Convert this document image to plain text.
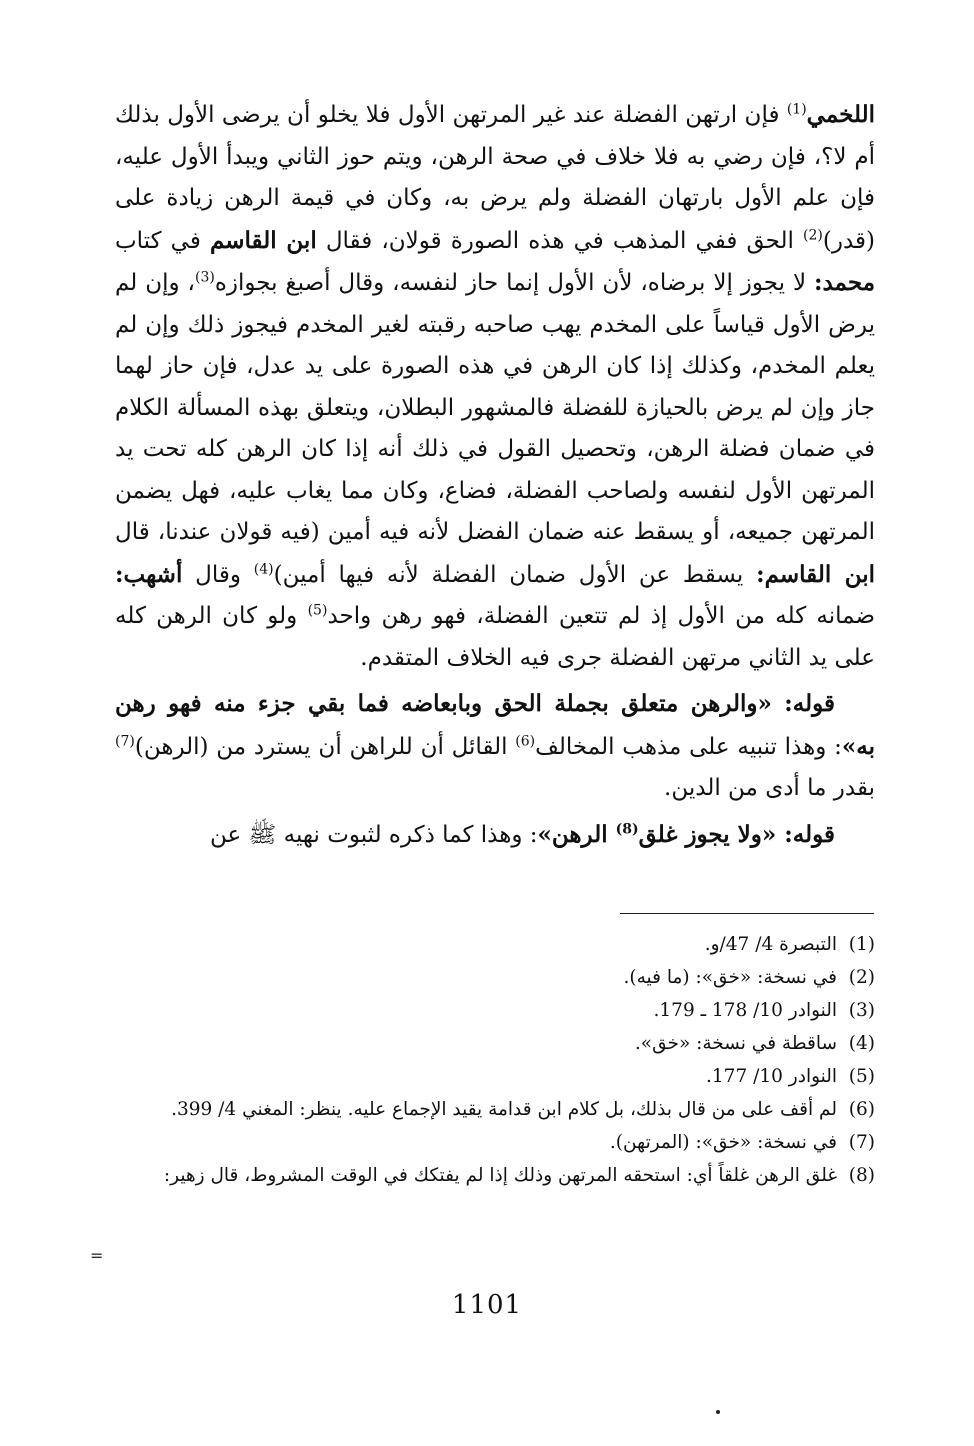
اللخمي$^{(1)}$ فإن ارتهن الفضلة عند غير المرتهن الأول فلا يخلو أن يرضى الأول بذلك أم لا؟، فإن رضي به فلا خلاف في صحة الرهن، ويتم حوز الثاني ويبدأ الأول عليه، فإن علم الأول بارتهان الفضلة ولم يرض به، وكان في قيمة الرهن زيادة على (قدر)$^{(2)}$ الحق ففي المذهب في هذه الصورة قولان، فقال ابن القاسم في كتاب محمد: لا يجوز إلا برضاه، لأن الأول إنما حاز لنفسه، وقال أصبغ بجوازه$^{(3)}$، وإن لم يرض الأول قياساً على المخدم يهب صاحبه رقبته لغير المخدم فيجوز ذلك وإن لم يعلم المخدم، وكذلك إذا كان الرهن في هذه الصورة على يد عدل، فإن حاز لهما جاز وإن لم يرض بالحيازة للفضلة فالمشهور البطلان، ويتعلق بهذه المسألة الكلام في ضمان فضلة الرهن، وتحصيل القول في ذلك أنه إذا كان الرهن كله تحت يد المرتهن الأول لنفسه ولصاحب الفضلة، فضاع، وكان مما يغاب عليه، فهل يضمن المرتهن جميعه، أو يسقط عنه ضمان الفضل لأنه فيه أمين (فيه قولان عندنا، قال ابن القاسم: يسقط عن الأول ضمان الفضلة لأنه فيها أمين)$^{(4)}$ وقال أشهب: ضمانه كله من الأول إذ لم تتعين الفضلة، فهو رهن واحد$^{(5)}$ ولو كان الرهن كله على يد الثاني مرتهن الفضلة جرى فيه الخلاف المتقدم.

قوله: «والرهن متعلق بجملة الحق وبابعاضه فما بقي جزء منه فهو رهن به»: وهذا تنبيه على مذهب المخالف$^{(6)}$ القائل أن للراهن أن يسترد من (الرهن)$^{(7)}$ بقدر ما أدى من الدين.

قوله: «ولا يجوز غلق$^{(8)}$ الرهن»: وهذا كما ذكره لثبوت نهيه ﷺ عن

(1)
التبصرة 4/ 47/و.
(2)
في نسخة: «خق»: (ما فيه).
(3)
النوادر 10/ 178 ـ 179.
(4)
ساقطة في نسخة: «خق».
(5)
النوادر 10/ 177.
(6)
لم أقف على من قال بذلك، بل كلام ابن قدامة يقيد الإجماع عليه. ينظر: المغني 4/ 399.
(7)
في نسخة: «خق»: (المرتهن).
(8)
غلق الرهن غلقاً أي: استحقه المرتهن وذلك إذا لم يفتكك في الوقت المشروط، قال زهير:
=
1101
